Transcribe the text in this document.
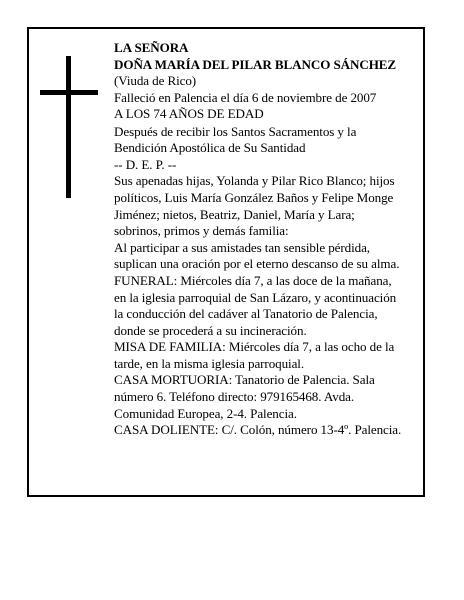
LA SEÑORA
DOÑA MARÍA DEL PILAR BLANCO SÁNCHEZ
(Viuda de Rico)
Falleció en Palencia el día 6 de noviembre de 2007
A LOS 74 AÑOS DE EDAD
Después de recibir los Santos Sacramentos y la
Bendición Apostólica de Su Santidad
-- D. E. P. --
Sus apenadas hijas, Yolanda y Pilar Rico Blanco; hijos
políticos, Luis María González Baños y Felipe Monge
Jiménez; nietos, Beatriz, Daniel, María y Lara;
sobrinos, primos y demás familia:
Al participar a sus amistades tan sensible pérdida,
suplican una oración por el eterno descanso de su alma.
FUNERAL: Miércoles día 7, a las doce de la mañana,
en la iglesia parroquial de San Lázaro, y acontinuación
la conducción del cadáver al Tanatorio de Palencia,
donde se procederá a su incineración.
MISA DE FAMILIA: Miércoles día 7, a las ocho de la
tarde, en la misma iglesia parroquial.
CASA MORTUORIA: Tanatorio de Palencia. Sala
número 6. Teléfono directo: 979165468. Avda.
Comunidad Europea, 2-4. Palencia.
CASA DOLIENTE: C/. Colón, número 13-4º. Palencia.
